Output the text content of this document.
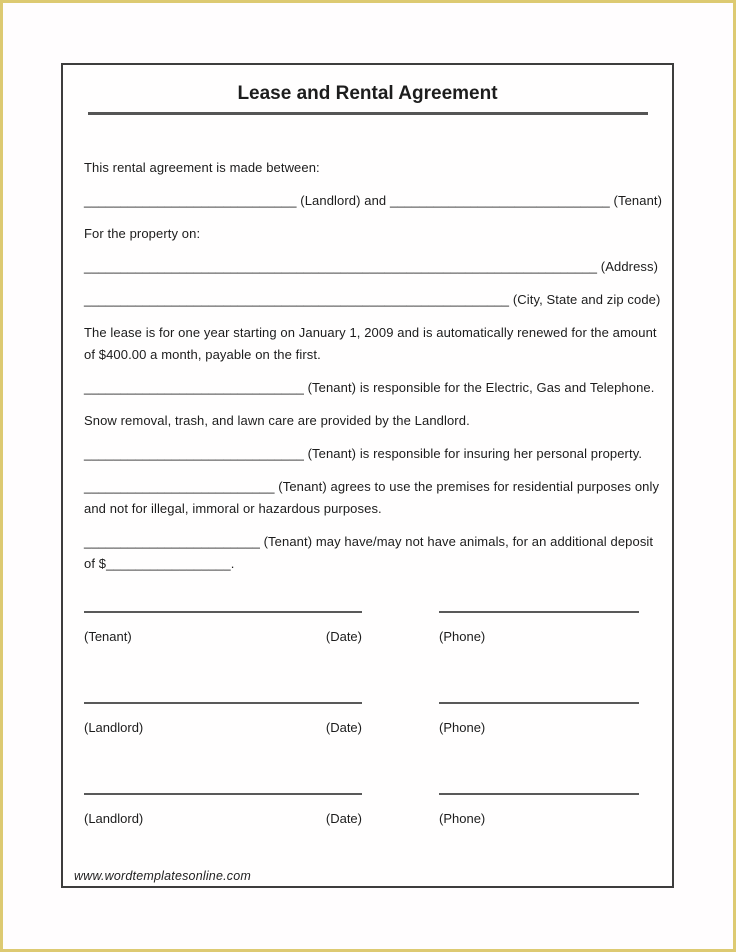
Lease and Rental Agreement
This rental agreement is made between:
_____________________________ (Landlord) and ______________________________ (Tenant)
For the property on:
______________________________________________________________________ (Address)
__________________________________________________________ (City, State and zip code)
The lease is for one year starting on January 1, 2009 and is automatically renewed for the amount
of $400.00 a month, payable on the first.
______________________________ (Tenant) is responsible for the Electric, Gas and Telephone.
Snow removal, trash, and lawn care are provided by the Landlord.
______________________________ (Tenant) is responsible for insuring her personal property.
__________________________ (Tenant) agrees to use the premises for residential purposes only
and not for illegal, immoral or hazardous purposes.
________________________ (Tenant) may have/may not have animals, for an additional deposit
of $_________________.
(Tenant)	(Date)	(Phone)
(Landlord)	(Date)	(Phone)
(Landlord)	(Date)	(Phone)
www.wordtemplatesonline.com
